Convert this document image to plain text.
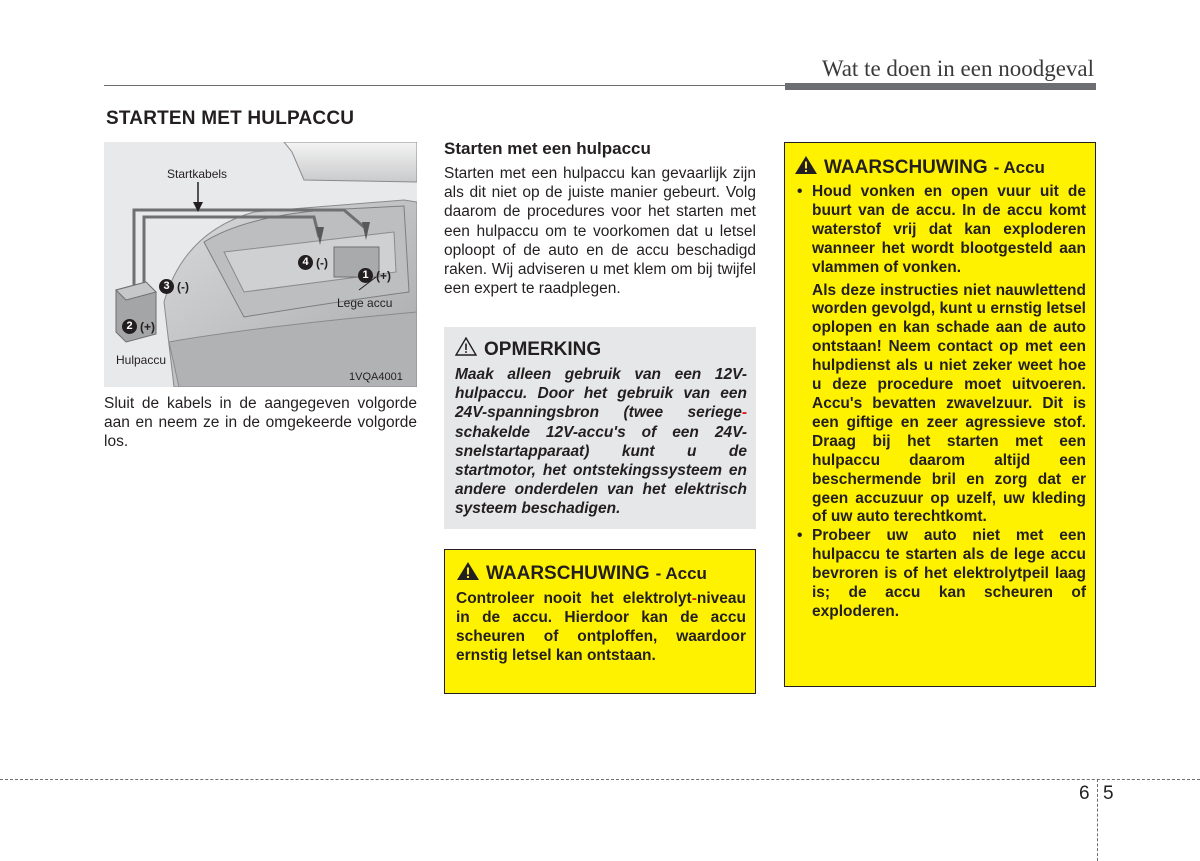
Wat te doen in een noodgeval
STARTEN MET HULPACCU
Startkabels
Lege accu
Hulpaccu
1VQA4001
1 (+)
2 (+)
3 (-)
4 (-)
Sluit de kabels in de aangegeven volgorde aan en neem ze in de omgekeerde volgorde los.
Starten met een hulpaccu
Starten met een hulpaccu kan gevaarlijk zijn als dit niet op de juiste manier gebeurt. Volg daarom de procedures voor het starten met een hulpaccu om te voorkomen dat u letsel oploopt of de auto en de accu beschadigd raken. Wij adviseren u met klem om bij twijfel een expert te raadplegen.
OPMERKING
Maak alleen gebruik van een 12V-hulpaccu. Door het gebruik van een 24V-spanningsbron (twee seriege-schakelde 12V-accu's of een 24V-snelstartapparaat) kunt u de startmotor, het ontstekingssysteem en andere onderdelen van het elektrisch systeem beschadigen.
WAARSCHUWING - Accu
Controleer nooit het elektrolyt-niveau in de accu. Hierdoor kan de accu scheuren of ontploffen, waardoor ernstig letsel kan ontstaan.
WAARSCHUWING - Accu
• Houd vonken en open vuur uit de buurt van de accu. In de accu komt waterstof vrij dat kan exploderen wanneer het wordt blootgesteld aan vlammen of vonken.
Als deze instructies niet nauwlettend worden gevolgd, kunt u ernstig letsel oplopen en kan schade aan de auto ontstaan! Neem contact op met een hulpdienst als u niet zeker weet hoe u deze procedure moet uitvoeren. Accu's bevatten zwavelzuur. Dit is een giftige en zeer agressieve stof. Draag bij het starten met een hulpaccu daarom altijd een beschermende bril en zorg dat er geen accuzuur op uzelf, uw kleding of uw auto terechtkomt.
• Probeer uw auto niet met een hulpaccu te starten als de lege accu bevroren is of het elektrolytpeil laag is; de accu kan scheuren of exploderen.
6 5
